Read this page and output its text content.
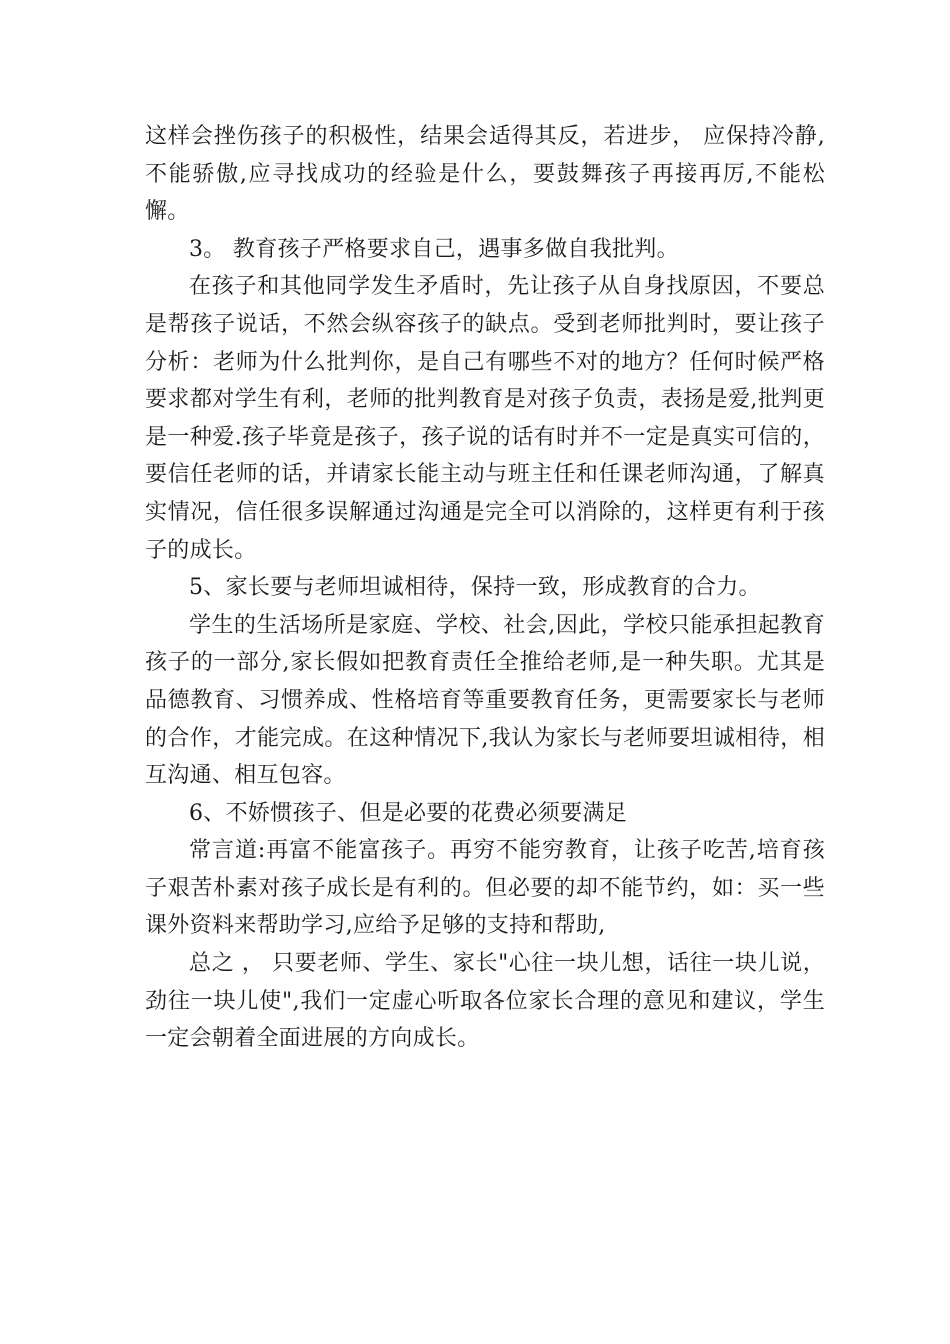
这样会挫伤孩子的积极性，结果会适得其反，若进步， 应保持冷静,不能骄傲,应寻找成功的经验是什么，要鼓舞孩子再接再厉,不能松懈。

3。 教育孩子严格要求自己，遇事多做自我批判。

在孩子和其他同学发生矛盾时，先让孩子从自身找原因，不要总是帮孩子说话，不然会纵容孩子的缺点。受到老师批判时，要让孩子分析：老师为什么批判你，是自己有哪些不对的地方？任何时候严格要求都对学生有利，老师的批判教育是对孩子负责，表扬是爱,批判更是一种爱.孩子毕竟是孩子，孩子说的话有时并不一定是真实可信的，要信任老师的话，并请家长能主动与班主任和任课老师沟通，了解真实情况，信任很多误解通过沟通是完全可以消除的，这样更有利于孩子的成长。

5、家长要与老师坦诚相待，保持一致，形成教育的合力。

学生的生活场所是家庭、学校、社会,因此，学校只能承担起教育孩子的一部分,家长假如把教育责任全推给老师,是一种失职。尤其是品德教育、习惯养成、性格培育等重要教育任务，更需要家长与老师的合作，才能完成。在这种情况下,我认为家长与老师要坦诚相待，相互沟通、相互包容。

6、不娇惯孩子、但是必要的花费必须要满足

常言道:再富不能富孩子。再穷不能穷教育，让孩子吃苦,培育孩子艰苦朴素对孩子成长是有利的。但必要的却不能节约，如：买一些课外资料来帮助学习,应给予足够的支持和帮助,

总之 ， 只要老师、学生、家长"心往一块儿想，话往一块儿说，劲往一块儿使",我们一定虚心听取各位家长合理的意见和建议，学生一定会朝着全面进展的方向成长。
